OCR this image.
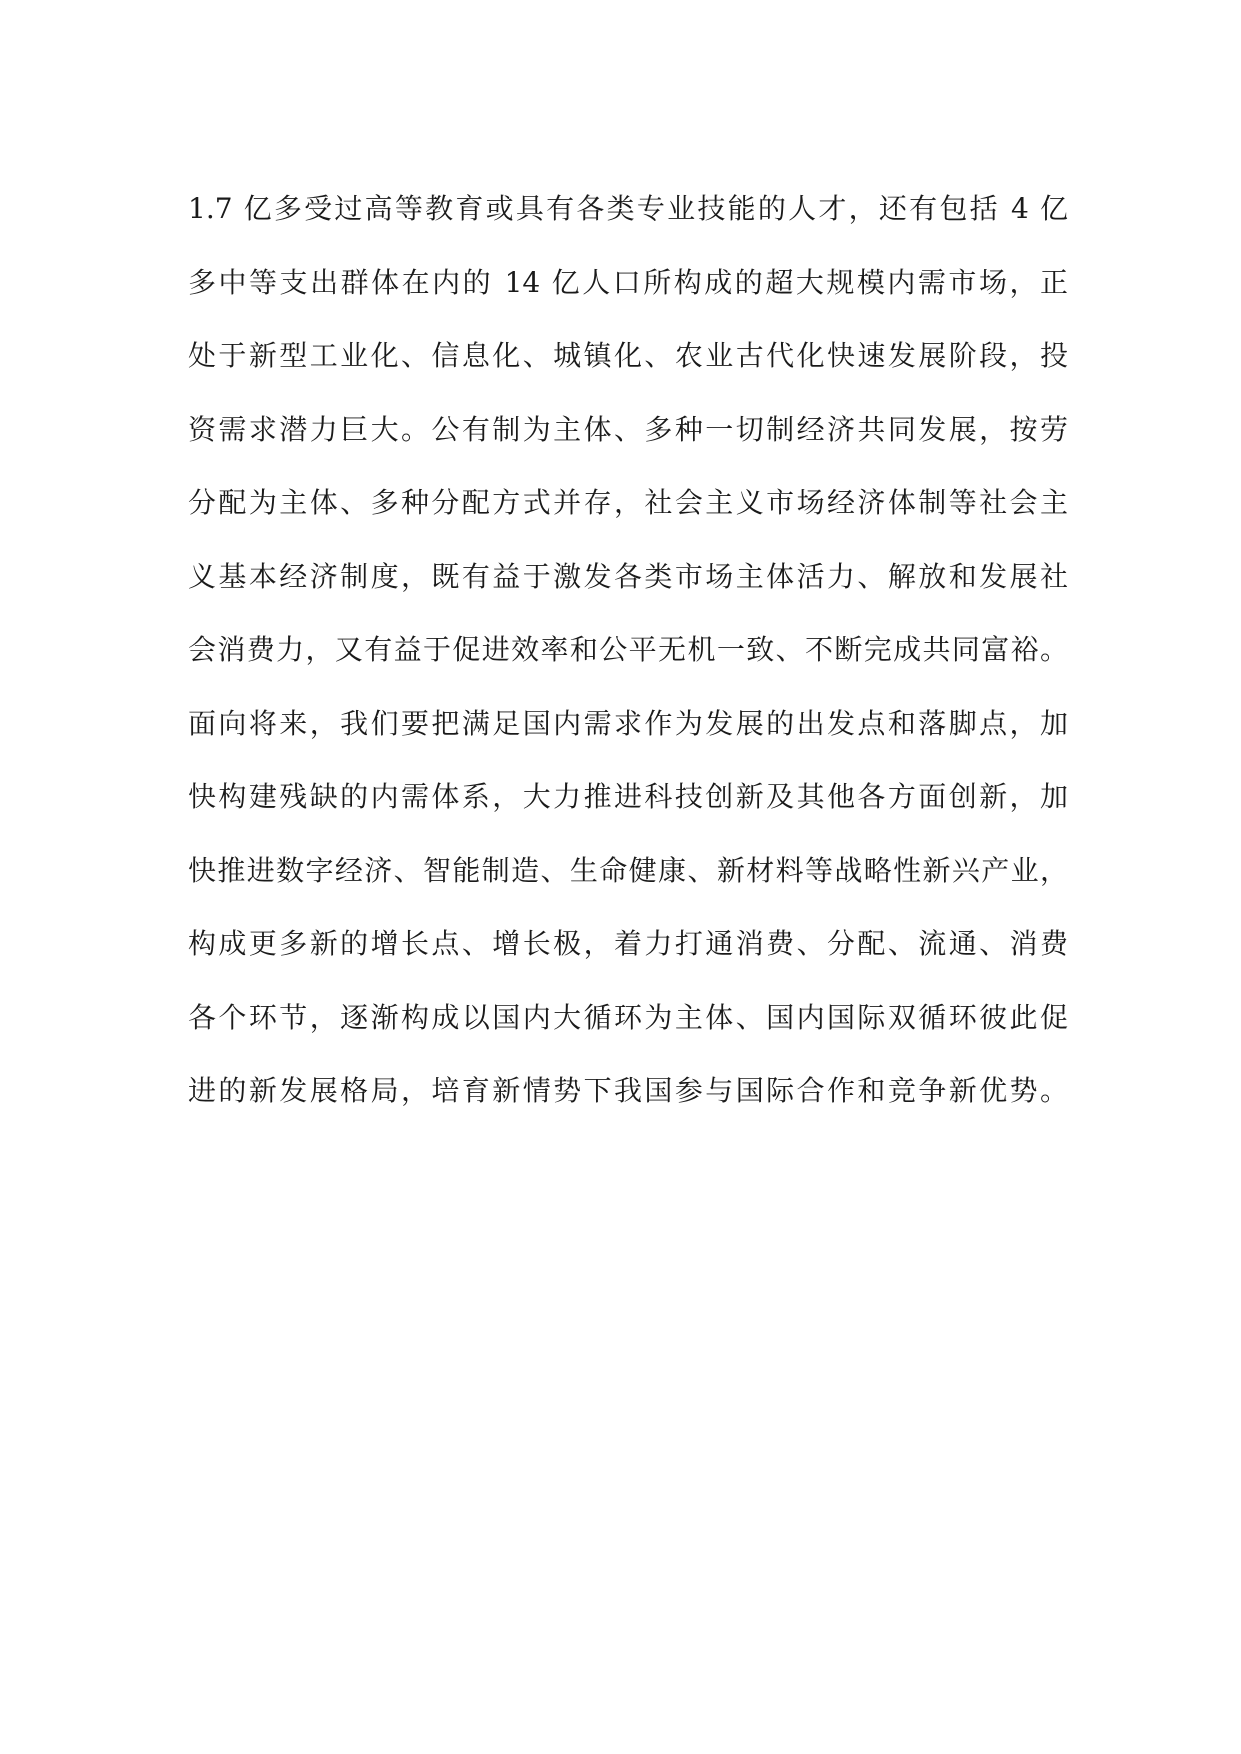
1.7 亿多受过高等教育或具有各类专业技能的人才，还有包括 4 亿
多中等支出群体在内的 14 亿人口所构成的超大规模内需市场，正
处于新型工业化、信息化、城镇化、农业古代化快速发展阶段，投
资需求潜力巨大。公有制为主体、多种一切制经济共同发展，按劳
分配为主体、多种分配方式并存，社会主义市场经济体制等社会主
义基本经济制度，既有益于激发各类市场主体活力、解放和发展社
会消费力，又有益于促进效率和公平无机一致、不断完成共同富裕。
面向将来，我们要把满足国内需求作为发展的出发点和落脚点，加
快构建残缺的内需体系，大力推进科技创新及其他各方面创新，加
快推进数字经济、智能制造、生命健康、新材料等战略性新兴产业，
构成更多新的增长点、增长极，着力打通消费、分配、流通、消费
各个环节，逐渐构成以国内大循环为主体、国内国际双循环彼此促
进的新发展格局，培育新情势下我国参与国际合作和竞争新优势。
